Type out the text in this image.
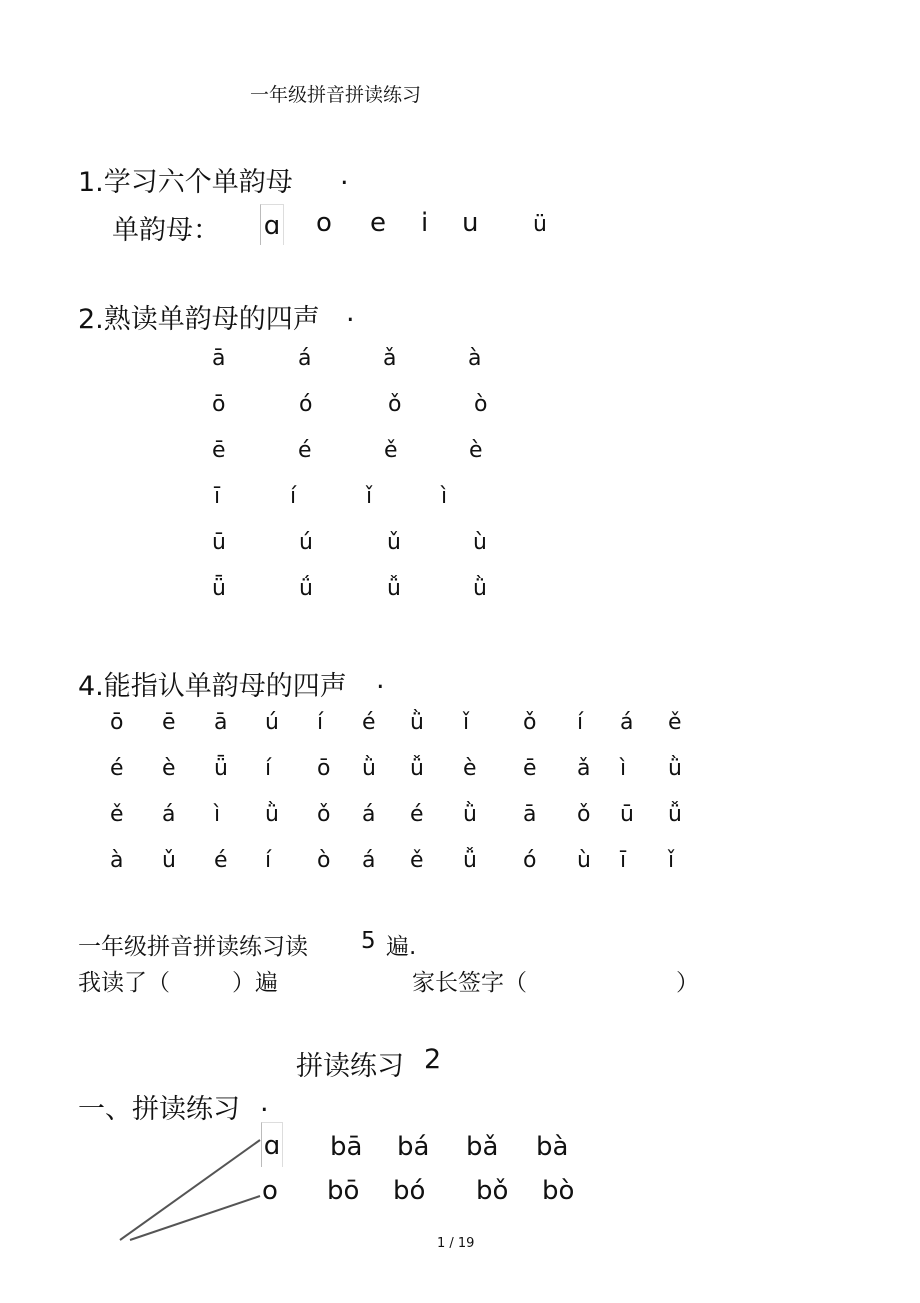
一年级拼音拼读练习
1.学习六个单韵母 .
单韵母： ɑ o e i u ü
2.熟读单韵母的四声 .
ā	á	ǎ	à
ō	ó	ǒ	ò
ē	é	ě	è
ī	í	ǐ	ì
ū	ú	ǔ	ù
ǖ	ǘ	ǚ	ǜ
4.能指认单韵母的四声 .
ō ē ā ú í é ǜ ǐ ǒ í á ě
é è ǖ í ō ǜ ǚ è ē ǎ ì ǜ
ě á ì ǜ ǒ á é ǜ ā ǒ ū ǚ
à ǔ é í ò á ě ǚ ó ù ī ǐ
一年级拼音拼读练习读 5 遍.
我读了（	）遍	家长签字（	）
拼读练习 2
一、拼读练习 .
ɑ bā bá bǎ bà
o bō bó bǒ bò
1 / 19
